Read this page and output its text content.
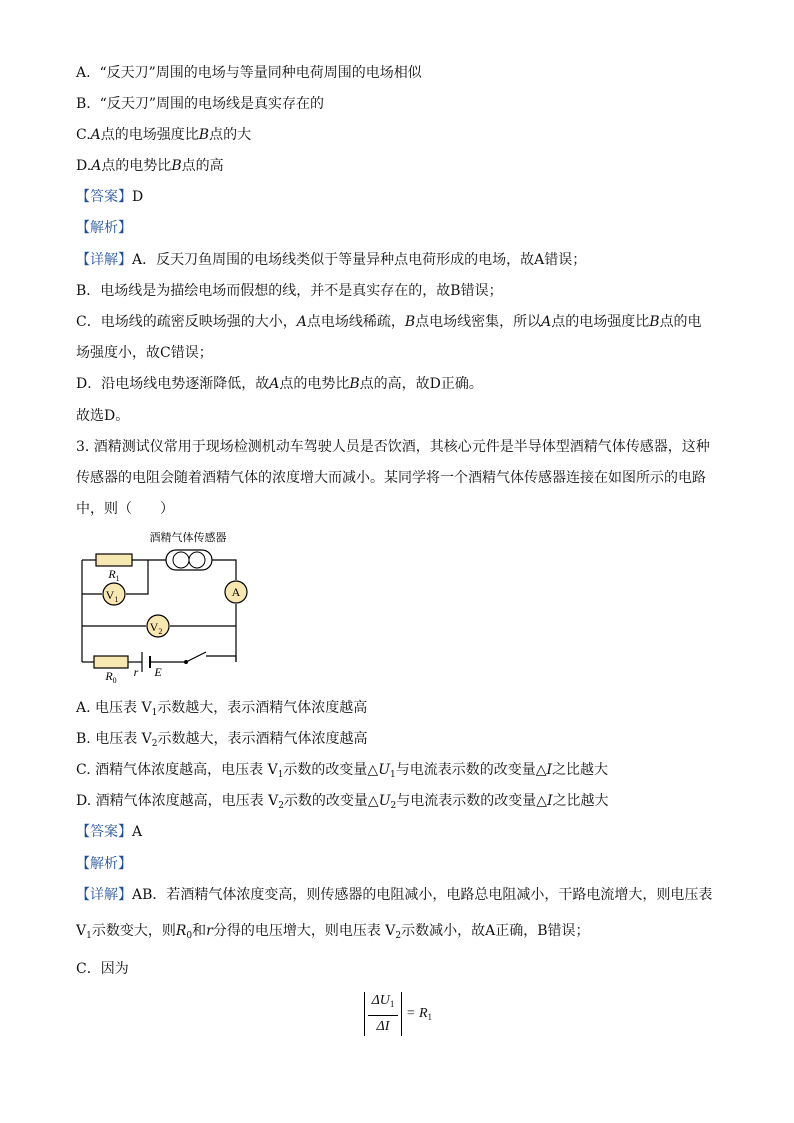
A. “反天刀”周围的电场与等量同种电荷周围的电场相似
B. “反天刀”周围的电场线是真实存在的
C.A点的电场强度比B点的大
D.A点的电势比B点的高
【答案】D
【解析】
【详解】A．反天刀鱼周围的电场线类似于等量异种点电荷形成的电场，故A错误；
B．电场线是为描绘电场而假想的线，并不是真实存在的，故B错误；
C．电场线的疏密反映场强的大小，A点电场线稀疏，B点电场线密集，所以A点的电场强度比B点的电
场强度小，故C错误；
D．沿电场线电势逐渐降低，故A点的电势比B点的高，故D正确。
故选D。
3. 酒精测试仪常用于现场检测机动车驾驶人员是否饮酒，其核心元件是半导体型酒精气体传感器，这种
传感器的电阻会随着酒精气体的浓度增大而减小。某同学将一个酒精气体传感器连接在如图所示的电路
中，则（　　）
$R_1$
酒精气体传感器
$V_1$
A
$V_2$
$R_0$
r E
A. 电压表 $V_1$示数越大，表示酒精气体浓度越高
B. 电压表 $V_2$示数越大，表示酒精气体浓度越高
C. 酒精气体浓度越高，电压表 $V_1$示数的改变量$\triangle U_1$与电流表示数的改变量△I之比越大
D. 酒精气体浓度越高，电压表 $V_2$示数的改变量$\triangle U_2$与电流表示数的改变量△I之比越大
【答案】A
【解析】
【详解】AB．若酒精气体浓度变高，则传感器的电阻减小，电路总电阻减小，干路电流增大，则电压表
$V_1$示数变大，则$R_0$和r分得的电压增大，则电压表 $V_2$示数减小，故A正确，B错误；
C．因为
$\Delta U_1$
ΔI
= $R_1$
